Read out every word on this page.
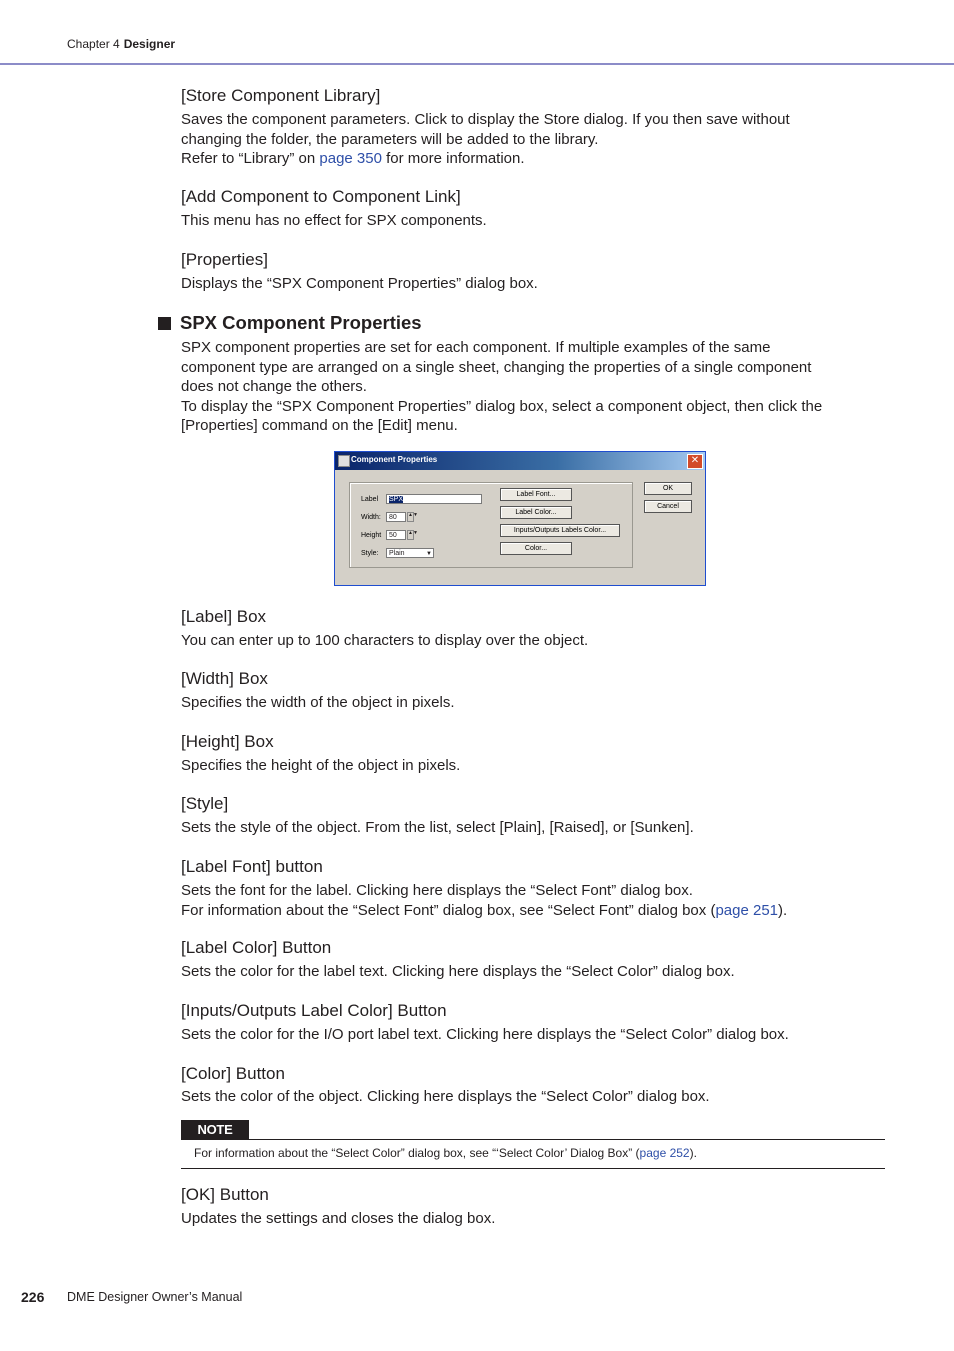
Chapter 4 Designer
[Store Component Library]
Saves the component parameters. Click to display the Store dialog. If you then save without
changing the folder, the parameters will be added to the library.
Refer to “Library” on page 350 for more information.
[Add Component to Component Link]
This menu has no effect for SPX components.
[Properties]
Displays the “SPX Component Properties” dialog box.
SPX Component Properties
SPX component properties are set for each component. If multiple examples of the same
component type are arranged on a single sheet, changing the properties of a single component
does not change the others.
To display the “SPX Component Properties” dialog box, select a component object, then click the
[Properties] command on the [Edit] menu.
Component Properties	✕
Label	SPX
Width:	80	▲▼
Height	50	▲▼
Style:	Plain	▼
Label Font...
Label Color...
Inputs/Outputs Labels Color...
Color...
OK
Cancel
[Label] Box
You can enter up to 100 characters to display over the object.
[Width] Box
Specifies the width of the object in pixels.
[Height] Box
Specifies the height of the object in pixels.
[Style]
Sets the style of the object. From the list, select [Plain], [Raised], or [Sunken].
[Label Font] button
Sets the font for the label. Clicking here displays the “Select Font” dialog box.
For information about the “Select Font” dialog box, see “Select Font” dialog box (page 251).
[Label Color] Button
Sets the color for the label text. Clicking here displays the “Select Color” dialog box.
[Inputs/Outputs Label Color] Button
Sets the color for the I/O port label text. Clicking here displays the “Select Color” dialog box.
[Color] Button
Sets the color of the object. Clicking here displays the “Select Color” dialog box.
NOTE
For information about the “Select Color” dialog box, see “‘Select Color’ Dialog Box” (page 252).
[OK] Button
Updates the settings and closes the dialog box.
226 DME Designer Owner’s Manual
